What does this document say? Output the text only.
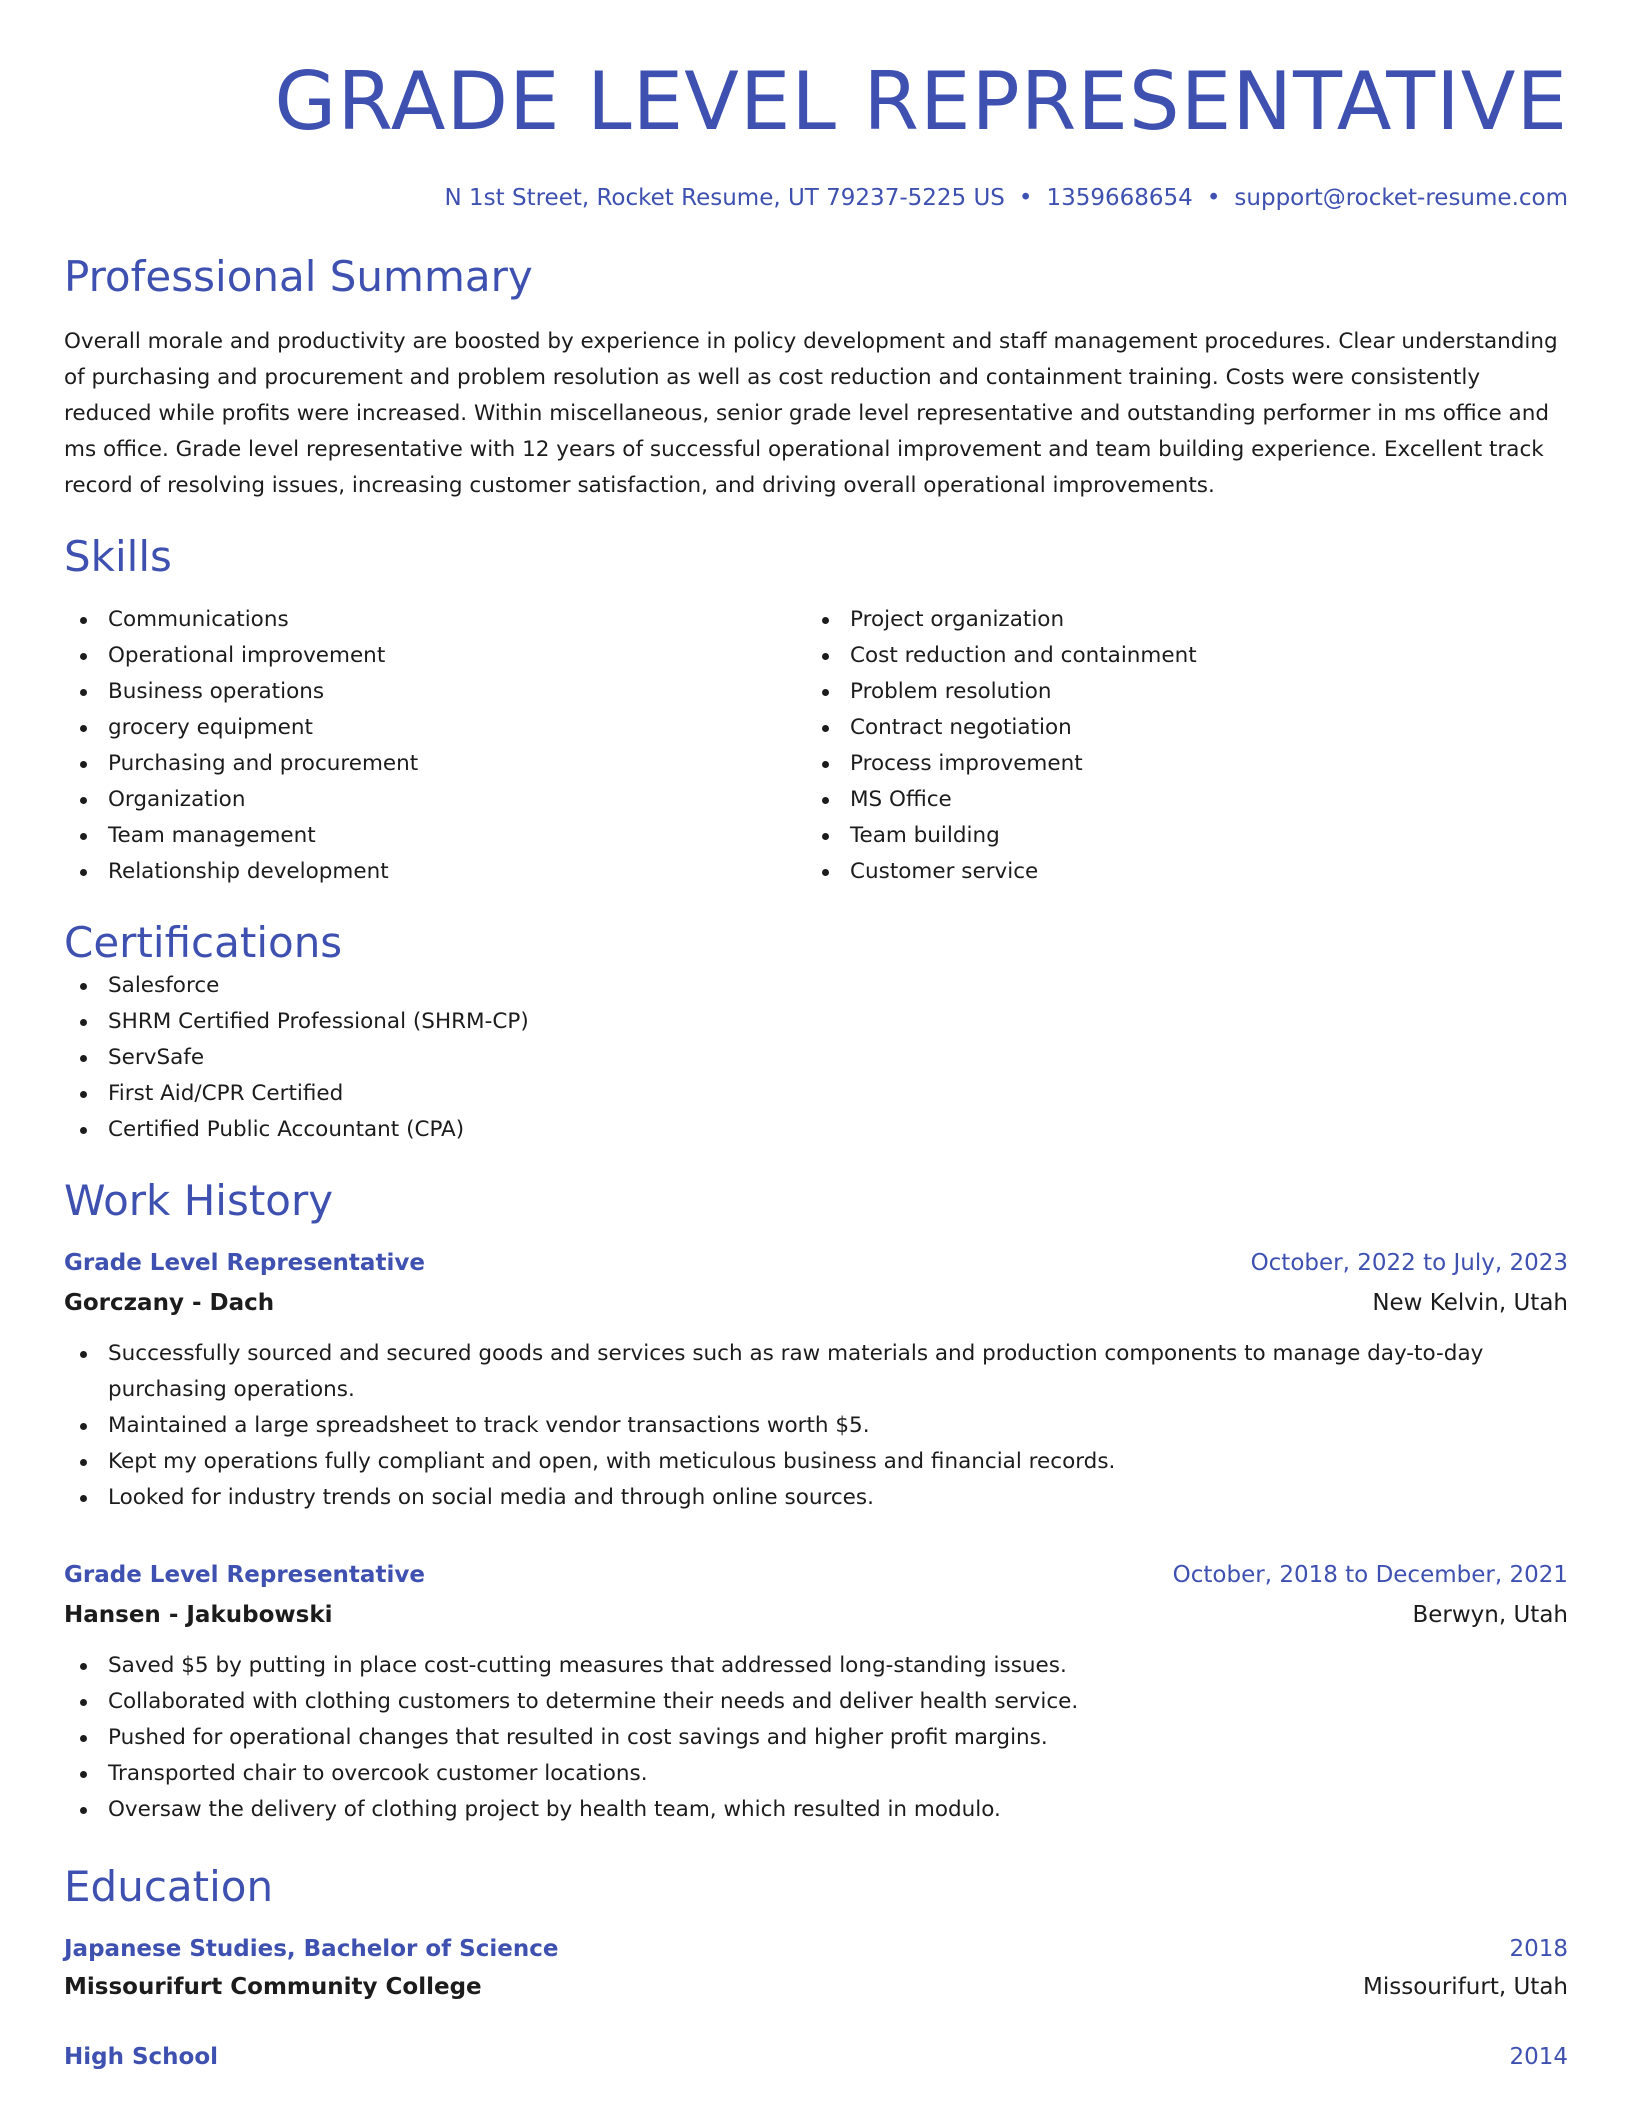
GRADE LEVEL REPRESENTATIVE
N 1st Street, Rocket Resume, UT 79237-5225 US • 1359668654 • support@rocket-resume.com
Professional Summary
Overall morale and productivity are boosted by experience in policy development and staff management procedures. Clear understanding of purchasing and procurement and problem resolution as well as cost reduction and containment training. Costs were consistently reduced while profits were increased. Within miscellaneous, senior grade level representative and outstanding performer in ms office and ms office. Grade level representative with 12 years of successful operational improvement and team building experience. Excellent track record of resolving issues, increasing customer satisfaction, and driving overall operational improvements.
Skills
Communications
Operational improvement
Business operations
grocery equipment
Purchasing and procurement
Organization
Team management
Relationship development
Project organization
Cost reduction and containment
Problem resolution
Contract negotiation
Process improvement
MS Office
Team building
Customer service
Certifications
Salesforce
SHRM Certified Professional (SHRM-CP)
ServSafe
First Aid/CPR Certified
Certified Public Accountant (CPA)
Work History
Grade Level Representative	October, 2022 to July, 2023
Gorczany - Dach	New Kelvin, Utah
Successfully sourced and secured goods and services such as raw materials and production components to manage day-to-day purchasing operations.
Maintained a large spreadsheet to track vendor transactions worth $5.
Kept my operations fully compliant and open, with meticulous business and financial records.
Looked for industry trends on social media and through online sources.
Grade Level Representative	October, 2018 to December, 2021
Hansen - Jakubowski	Berwyn, Utah
Saved $5 by putting in place cost-cutting measures that addressed long-standing issues.
Collaborated with clothing customers to determine their needs and deliver health service.
Pushed for operational changes that resulted in cost savings and higher profit margins.
Transported chair to overcook customer locations.
Oversaw the delivery of clothing project by health team, which resulted in modulo.
Education
Japanese Studies, Bachelor of Science	2018
Missourifurt Community College	Missourifurt, Utah
High School	2014
